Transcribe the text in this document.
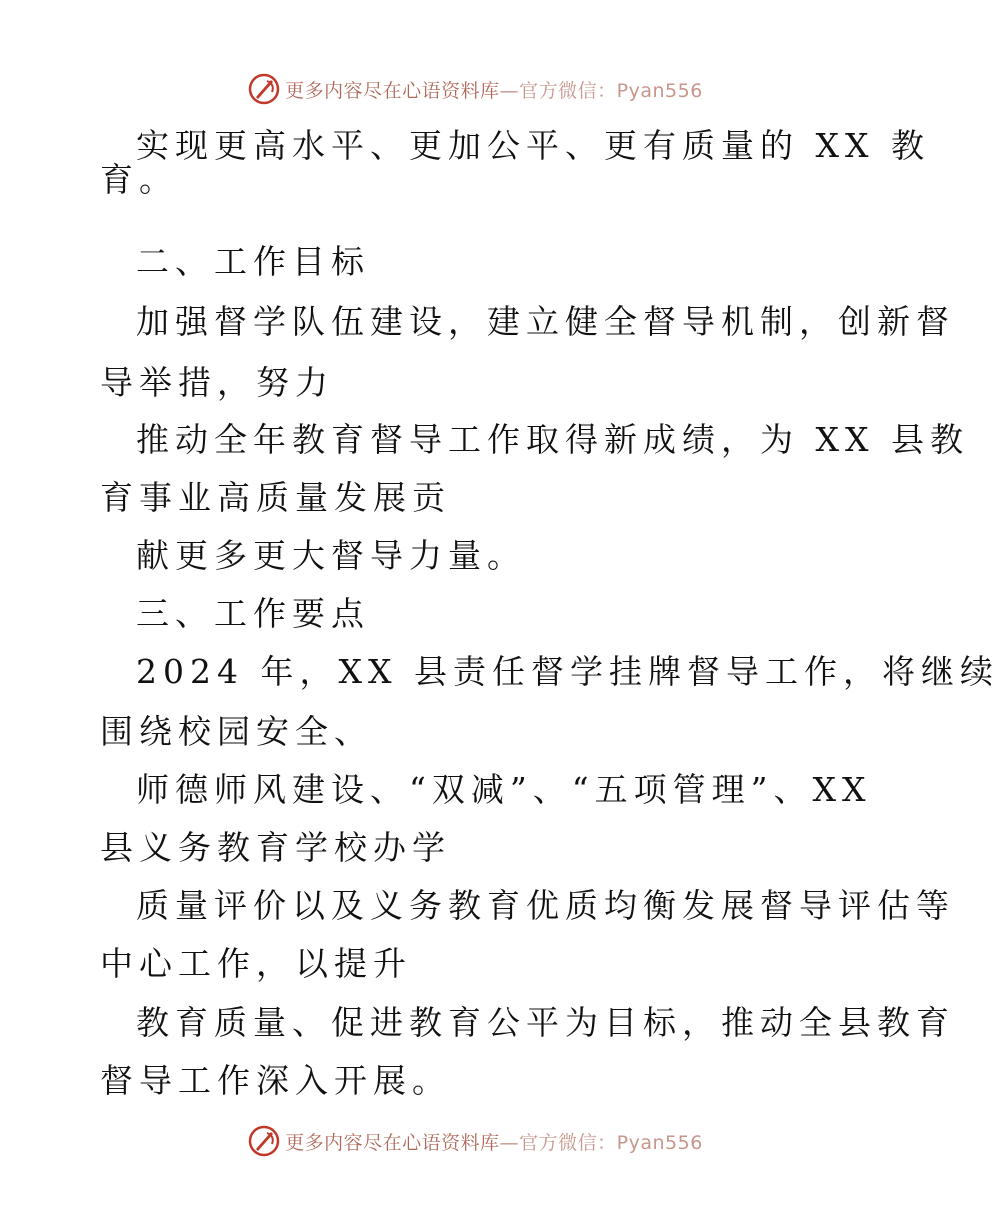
更多内容尽在心语资料库—官方微信：Pyan556
实现更高水平、更加公平、更有质量的 XX 教
育。
二、工作目标
加强督学队伍建设，建立健全督导机制，创新督
导举措，努力
推动全年教育督导工作取得新成绩，为 XX 县教
育事业高质量发展贡
献更多更大督导力量。
三、工作要点
2024 年，XX 县责任督学挂牌督导工作，将继续
围绕校园安全、
师德师风建设、“双减”、“五项管理”、XX
县义务教育学校办学
质量评价以及义务教育优质均衡发展督导评估等
中心工作，以提升
教育质量、促进教育公平为目标，推动全县教育
督导工作深入开展。
更多内容尽在心语资料库—官方微信：Pyan556
